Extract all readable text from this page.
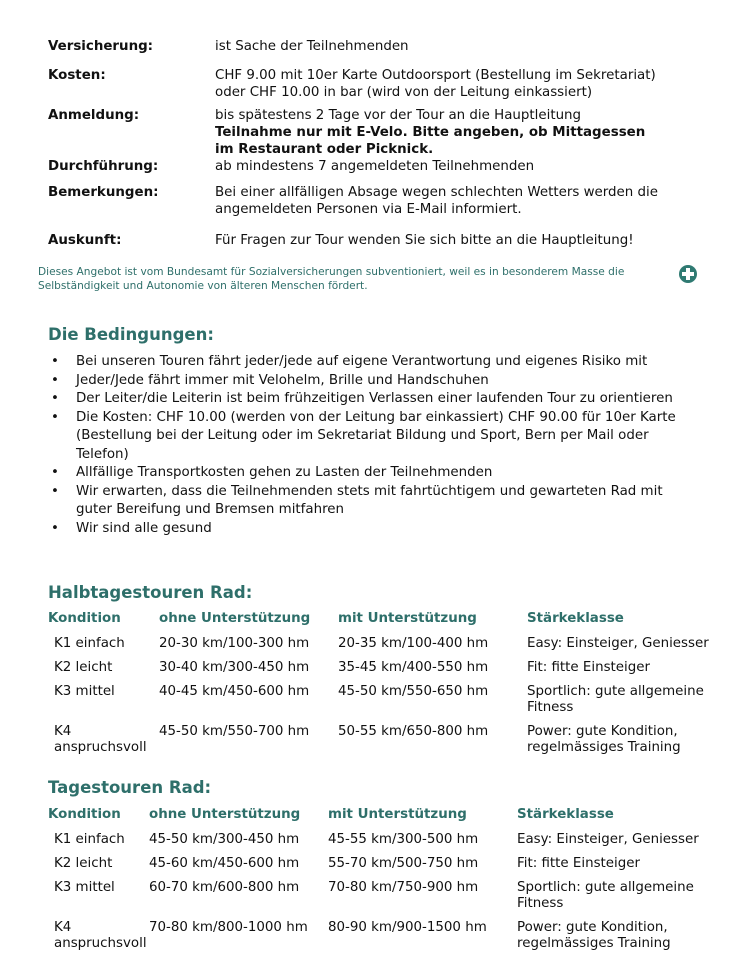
Versicherung:	ist Sache der Teilnehmenden
Kosten:	CHF 9.00 mit 10er Karte Outdoorsport (Bestellung im Sekretariat)
oder CHF 10.00 in bar (wird von der Leitung einkassiert)
Anmeldung:	bis spätestens 2 Tage vor der Tour an die Hauptleitung
Teilnahme nur mit E-Velo. Bitte angeben, ob Mittagessen im Restaurant oder Picknick.
Durchführung:	ab mindestens 7 angemeldeten Teilnehmenden
Bemerkungen:	Bei einer allfälligen Absage wegen schlechten Wetters werden die
angemeldeten Personen via E-Mail informiert.
Auskunft:	Für Fragen zur Tour wenden Sie sich bitte an die Hauptleitung!
Dieses Angebot ist vom Bundesamt für Sozialversicherungen subventioniert, weil es in besonderem Masse die Selbständigkeit und Autonomie von älteren Menschen fördert.
Die Bedingungen:
• Bei unseren Touren fährt jeder/jede auf eigene Verantwortung und eigenes Risiko mit
• Jeder/Jede fährt immer mit Velohelm, Brille und Handschuhen
• Der Leiter/die Leiterin ist beim frühzeitigen Verlassen einer laufenden Tour zu orientieren
• Die Kosten: CHF 10.00 (werden von der Leitung bar einkassiert) CHF 90.00 für 10er Karte (Bestellung bei der Leitung oder im Sekretariat Bildung und Sport, Bern per Mail oder Telefon)
• Allfällige Transportkosten gehen zu Lasten der Teilnehmenden
• Wir erwarten, dass die Teilnehmenden stets mit fahrtüchtigem und gewarteten Rad mit guter Bereifung und Bremsen mitfahren
• Wir sind alle gesund
Halbtagestouren Rad:
Kondition	ohne Unterstützung	mit Unterstützung	Stärkeklasse
K1 einfach	20-30 km/100-300 hm	20-35 km/100-400 hm	Easy: Einsteiger, Geniesser
K2 leicht	30-40 km/300-450 hm	35-45 km/400-550 hm	Fit: fitte Einsteiger
K3 mittel	40-45 km/450-600 hm	45-50 km/550-650 hm	Sportlich: gute allgemeine Fitness
K4 anspruchsvoll	45-50 km/550-700 hm	50-55 km/650-800 hm	Power: gute Kondition, regelmässiges Training
Tagestouren Rad:
Kondition	ohne Unterstützung	mit Unterstützung	Stärkeklasse
K1 einfach	45-50 km/300-450 hm	45-55 km/300-500 hm	Easy: Einsteiger, Geniesser
K2 leicht	45-60 km/450-600 hm	55-70 km/500-750 hm	Fit: fitte Einsteiger
K3 mittel	60-70 km/600-800 hm	70-80 km/750-900 hm	Sportlich: gute allgemeine Fitness
K4 anspruchsvoll	70-80 km/800-1000 hm	80-90 km/900-1500 hm	Power: gute Kondition, regelmässiges Training
